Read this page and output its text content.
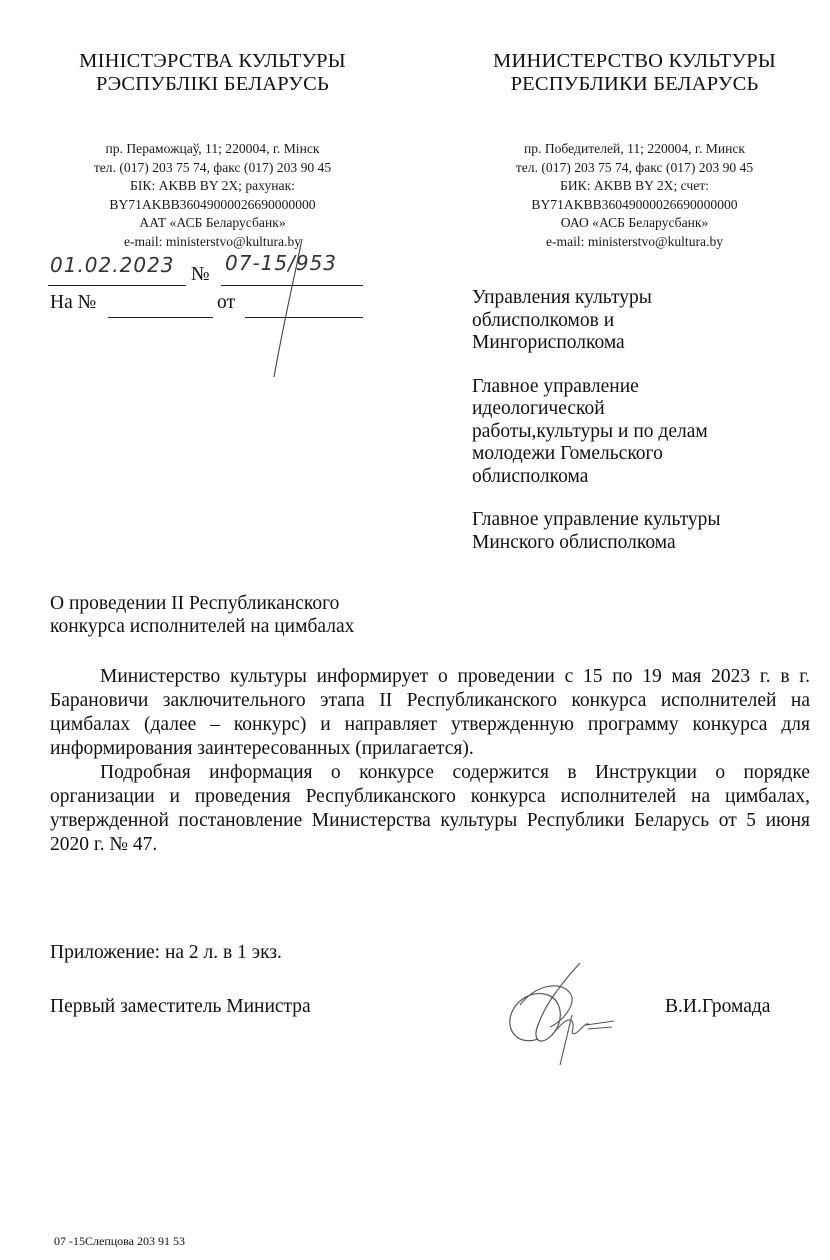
МІНІСТЭРСТВА КУЛЬТУРЫ
РЭСПУБЛІКІ БЕЛАРУСЬ
пр. Пераможцаў, 11; 220004, г. Мінск
тел. (017) 203 75 74, факс (017) 203 90 45
БІК: AKBB BY 2X; рахунак:
BY71AKBB36049000026690000000
ААТ «АСБ Беларусбанк»
e-mail: ministerstvo@kultura.by
МИНИСТЕРСТВО КУЛЬТУРЫ
РЕСПУБЛИКИ БЕЛАРУСЬ
пр. Победителей, 11; 220004, г. Минск
тел. (017) 203 75 74, факс (017) 203 90 45
БИК: AKBB BY 2X; счет:
BY71AKBB36049000026690000000
ОАО «АСБ Беларусбанк»
e-mail: ministerstvo@kultura.by
01.02.2023 № 07-15/953
На №	от	Управления культуры
облисполкомов и
Мингорисполкома
Главное управление
идеологической
работы,культуры и по делам
молодежи Гомельского
облисполкома
Главное управление культуры
Минского облисполкома
О проведении II Республиканского
конкурса исполнителей на цимбалах

Министерство культуры информирует о проведении с 15 по 19 мая 2023 г. в г. Барановичи заключительного этапа II Республиканского конкурса исполнителей на цимбалах (далее – конкурс) и направляет утвержденную программу конкурса для информирования заинтересованных (прилагается).

Подробная информация о конкурсе содержится в Инструкции о порядке организации и проведения Республиканского конкурса исполнителей на цимбалах, утвержденной постановление Министерства культуры Республики Беларусь от 5 июня 2020 г. № 47.

Приложение: на 2 л. в 1 экз.
Первый заместитель Министра	В.И.Громада
07 -15Слепцова 203 91 53
